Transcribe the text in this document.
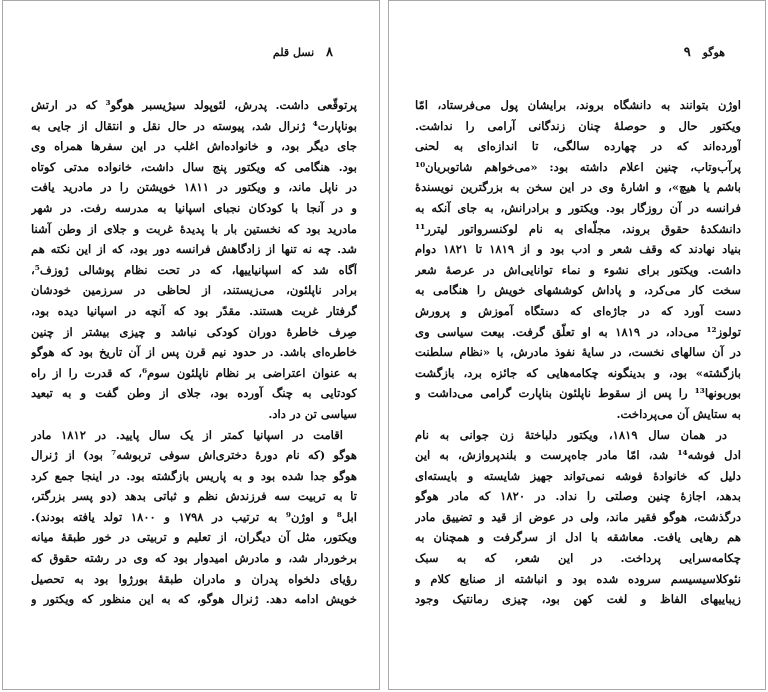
۸ نسل قلم
پرتوقّعی داشت. پدرش، لئوپولد سیژیسبر هوگو³ که در ارتش
بوناپارت⁴ ژنرال شد، پیوسته در حال نقل و انتقال از جایی به
جای دیگر بود، و خانواده‌اش اغلب در این سفرها همراه وی
بود. هنگامی که ویکتور پنج سال داشت، خانواده مدتی کوتاه
در ناپل ماند، و ویکتور در ۱۸۱۱ خویشتن را در مادرید یافت
و در آنجا با کودکان نجبای اسپانیا به مدرسه رفت. در شهر
مادرید بود که نخستین بار با پدیدهٔ غربت و جلای از وطن آشنا
شد. چه نه تنها از زادگاهش فرانسه دور بود، که از این نکته هم
آگاه شد که اسپانیاییها، که در تحت نظام پوشالی ژوزف⁵،
برادر ناپلئون، می‌زیستند، از لحاظی در سرزمین خودشان
گرفتار غربت هستند. مقدّر بود که آنچه در اسپانیا دیده بود،
صِرف خاطرهٔ دوران کودکی نباشد و چیزی بیشتر از چنین
خاطره‌ای باشد. در حدود نیم قرن پس از آن تاریخ بود که هوگو
به عنوان اعتراضی بر نظام ناپلئون سوم⁶، که قدرت را از راه
کودتایی به چنگ آورده بود، جلای از وطن گفت و به تبعید
سیاسی تن در داد.
اقامت در اسپانیا کمتر از یک سال پایید. در ۱۸۱۲ مادر
هوگو (که نام دورهٔ دختری‌اش سوفی تربوشه⁷ بود) از ژنرال
هوگو جدا شده بود و به پاریس بازگشته بود. در اینجا جمع کرد
تا به تربیت سه فرزندش نظم و ثباتی بدهد (دو پسر بزرگتر،
ابل⁸ و اوژن⁹ به ترتیب در ۱۷۹۸ و ۱۸۰۰ تولد یافته بودند).
ویکتور، مثل آن دیگران، از تعلیم و تربیتی در خور طبقهٔ میانه
برخوردار شد، و مادرش امیدوار بود که وی در رشته حقوق که
رؤیای دلخواه پدران و مادران طبقهٔ بورژوا بود به تحصیل
خویش ادامه دهد. ژنرال هوگو، که به این منظور که ویکتور و
هوگو ۹
اوژن بتوانند به دانشگاه بروند، برایشان پول می‌فرستاد، امّا
ویکتور حال و حوصلهٔ چنان زندگانی آرامی را نداشت.
آورده‌اند که در چهارده سالگی، تا اندازه‌ای به لحنی
پرآب‌وتاب، چنین اعلام داشته بود: «می‌خواهم شاتوبریان¹⁰
باشم یا هیچ»، و اشارهٔ وی در این سخن به بزرگترین نویسندهٔ
فرانسه در آن روزگار بود. ویکتور و برادرانش، به جای آنکه به
دانشکدهٔ حقوق بروند، مجلّه‌ای به نام لوکنسرواتور لیترر¹¹
بنیاد نهادند که وقف شعر و ادب بود و از ۱۸۱۹ تا ۱۸۲۱ دوام
داشت. ویکتور برای نشوء و نماء توانایی‌اش در عرصهٔ شعر
سخت کار می‌کرد، و پاداش کوششهای خویش را هنگامی به
دست آورد که در جاژه‌ای که دستگاه آموزش و پرورش
تولوز¹² می‌داد، در ۱۸۱۹ به او تعلّق گرفت. بیعت سیاسی وی
در آن سالهای نخست، در سایهٔ نفوذ مادرش، با «نظام سلطنت
بازگشته» بود، و بدینگونه چکامه‌هایی که جائزه برد، بازگشت
بوربونها¹³ را پس از سقوط ناپلئون بناپارت گرامی می‌داشت و
به ستایش آن می‌پرداخت.
در همان سال ۱۸۱۹، ویکتور دلباختهٔ زن جوانی به نام
ادل فوشه¹⁴ شد، امّا مادر جاه‌پرست و بلندپروازش، به این
دلیل که خانوادهٔ فوشه نمی‌تواند جهیز شایسته و بایسته‌ای
بدهد، اجازهٔ چنین وصلتی را نداد. در ۱۸۲۰ که مادر هوگو
درگذشت، هوگو فقیر ماند، ولی در عوض از قید و تضییق مادر
هم رهایی یافت. معاشقه با ادل از سرگرفت و همچنان به
چکامه‌سرایی پرداخت. در این شعر، که به سبک
نئوکلاسیسیسم سروده شده بود و انباشته از صنایع کلام و
زیباییهای الفاظ و لغت کهن بود، چیزی رمانتیک وجود
